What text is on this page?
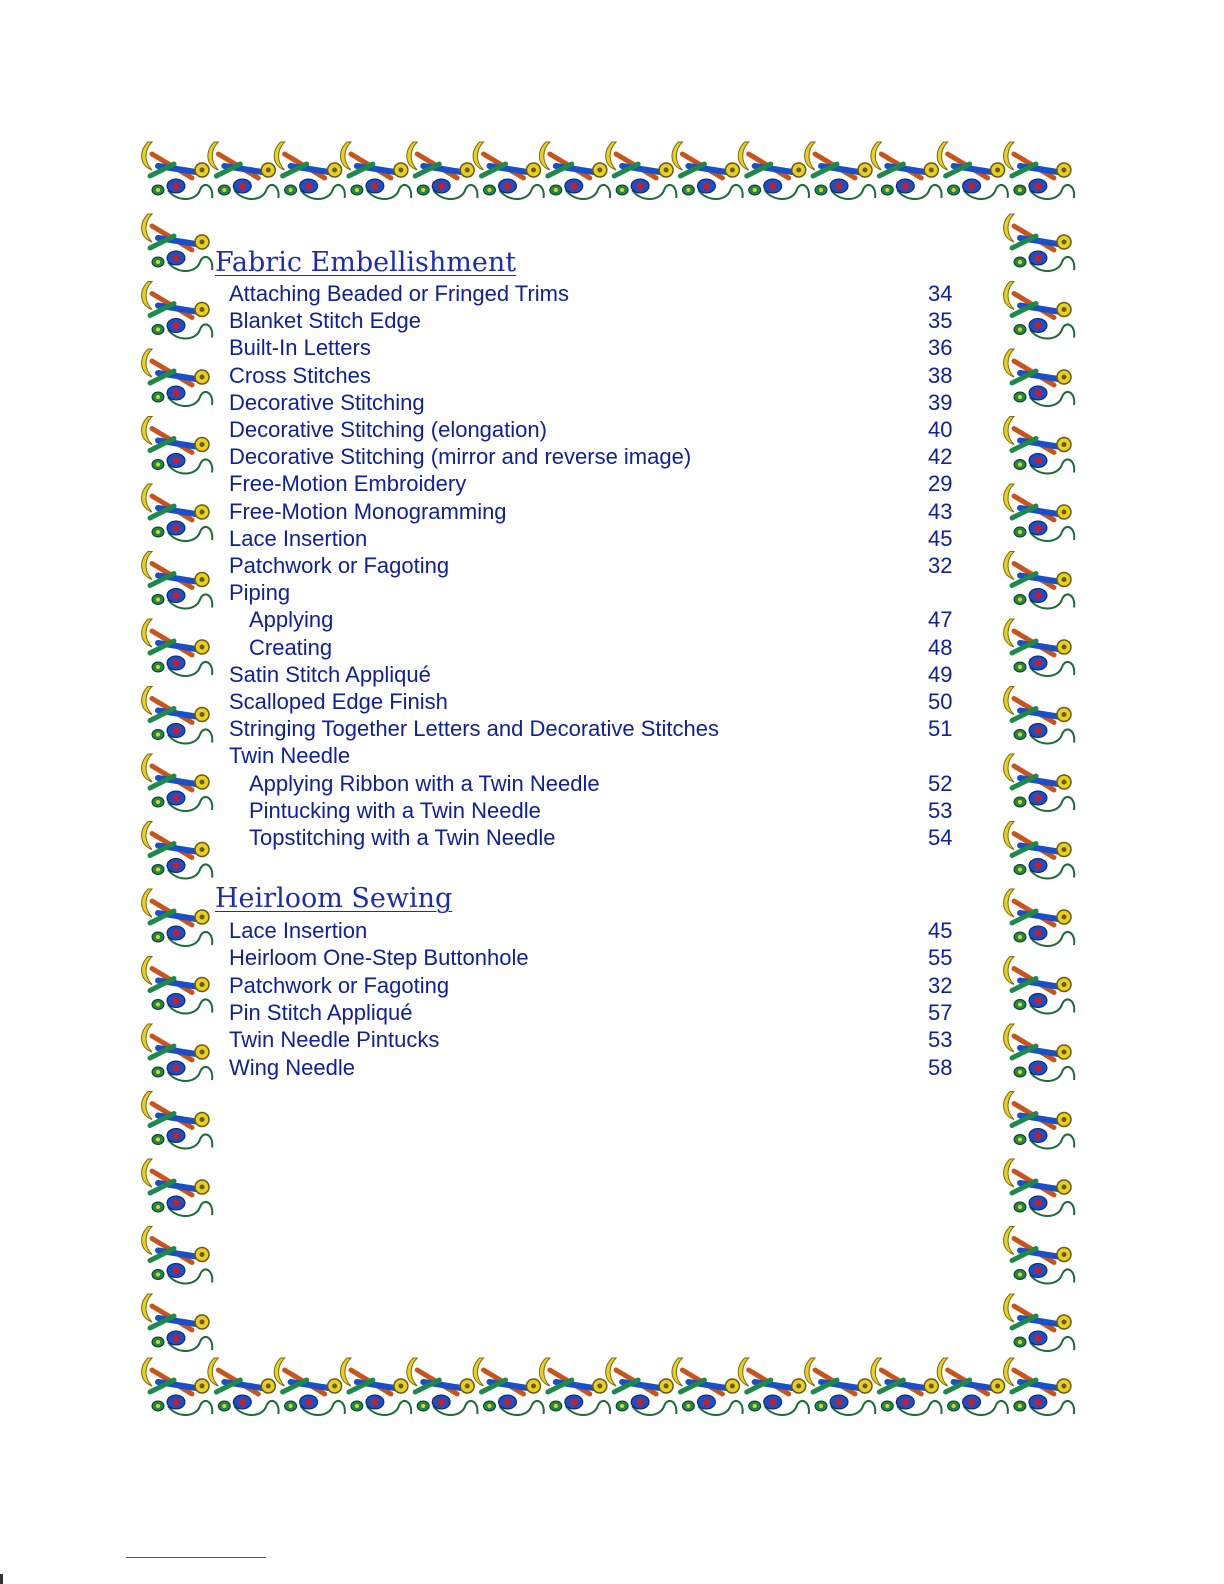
Fabric Embellishment
Attaching Beaded or Fringed Trims	34
Blanket Stitch Edge	35
Built-In Letters	36
Cross Stitches	38
Decorative Stitching	39
Decorative Stitching (elongation)	40
Decorative Stitching (mirror and reverse image)	42
Free-Motion Embroidery	29
Free-Motion Monogramming	43
Lace Insertion	45
Patchwork or Fagoting	32
Piping
Applying	47
Creating	48
Satin Stitch Appliqué	49
Scalloped Edge Finish	50
Stringing Together Letters and Decorative Stitches	51
Twin Needle
Applying Ribbon with a Twin Needle	52
Pintucking with a Twin Needle	53
Topstitching with a Twin Needle	54
Heirloom Sewing
Lace Insertion	45
Heirloom One-Step Buttonhole	55
Patchwork or Fagoting	32
Pin Stitch Appliqué	57
Twin Needle Pintucks	53
Wing Needle	58
